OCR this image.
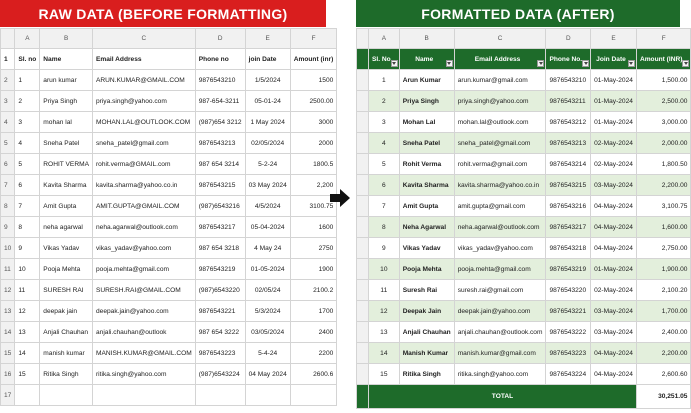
RAW DATA (BEFORE FORMATTING)
	A	B	C	D	E	F
1	Sl. no	Name	Email Address	Phone no	join Date	Amount (inr)
2	1	arun kumar	ARUN.KUMAR@GMAIL.COM	9876543210	1/5/2024	1500
3	2	Priya Singh	priya.singh@yahoo.com	987-654-3211	05-01-24	2500.00
4	3	mohan lal	MOHAN.LAL@OUTLOOK.COM	(987)654 3212	1 May 2024	3000
5	4	Sneha Patel	sneha_patel@gmail.com	9876543213	02/05/2024	2000
6	5	ROHIT VERMA	rohit.verma@GMAIL.com	987 654 3214	5-2-24	1800.5
7	6	Kavita Sharma	kavita.sharma@yahoo.co.in	9876543215	03 May 2024	2,200
8	7	Amit Gupta	AMIT.GUPTA@GMAIL.COM	(987)6543216	4/5/2024	3100.75
9	8	neha agarwal	neha.agarwal@outlook.com	9876543217	05-04-2024	1600
10	9	Vikas Yadav	vikas_yadav@yahoo.com	987 654 3218	4 May 24	2750
11	10	Pooja Mehta	pooja.mehta@gmail.com	9876543219	01-05-2024	1900
12	11	SURESH RAI	SURESH.RAI@GMAIL.COM	(987)6543220	02/05/24	2100.2
13	12	deepak jain	deepak.jain@yahoo.com	9876543221	5/3/2024	1700
14	13	Anjali Chauhan	anjali.chauhan@outlook	987 654 3222	03/05/2024	2400
15	14	manish kumar	MANISH.KUMAR@GMAIL.COM	9876543223	5-4-24	2200
16	15	Ritika Singh	ritika.singh@yahoo.com	(987)6543224	04 May 2024	2600.6
17						
FORMATTED DATA (AFTER)
	A	B	C	D	E	F
	Sl. No	Name	Email Address	Phone No.	Join Date	Amount (INR)

	1	Arun Kumar	arun.kumar@gmail.com	9876543210	01-May-2024	1,500.00
	2	Priya Singh	priya.singh@yahoo.com	9876543211	01-May-2024	2,500.00
	3	Mohan Lal	mohan.lal@outlook.com	9876543212	01-May-2024	3,000.00
	4	Sneha Patel	sneha_patel@gmail.com	9876543213	02-May-2024	2,000.00
	5	Rohit Verma	rohit.verma@gmail.com	9876543214	02-May-2024	1,800.50
	6	Kavita Sharma	kavita.sharma@yahoo.co.in	9876543215	03-May-2024	2,200.00
	7	Amit Gupta	amit.gupta@gmail.com	9876543216	04-May-2024	3,100.75
	8	Neha Agarwal	neha.agarwal@outlook.com	9876543217	04-May-2024	1,600.00
	9	Vikas Yadav	vikas_yadav@yahoo.com	9876543218	04-May-2024	2,750.00
	10	Pooja Mehta	pooja.mehta@gmail.com	9876543219	01-May-2024	1,900.00
	11	Suresh Rai	suresh.rai@gmail.com	9876543220	02-May-2024	2,100.20
	12	Deepak Jain	deepak.jain@yahoo.com	9876543221	03-May-2024	1,700.00
	13	Anjali Chauhan	anjali.chauhan@outlook.com	9876543222	03-May-2024	2,400.00
	14	Manish Kumar	manish.kumar@gmail.com	9876543223	04-May-2024	2,200.00
	15	Ritika Singh	ritika.singh@yahoo.com	9876543224	04-May-2024	2,600.60
	TOTAL					30,251.05
